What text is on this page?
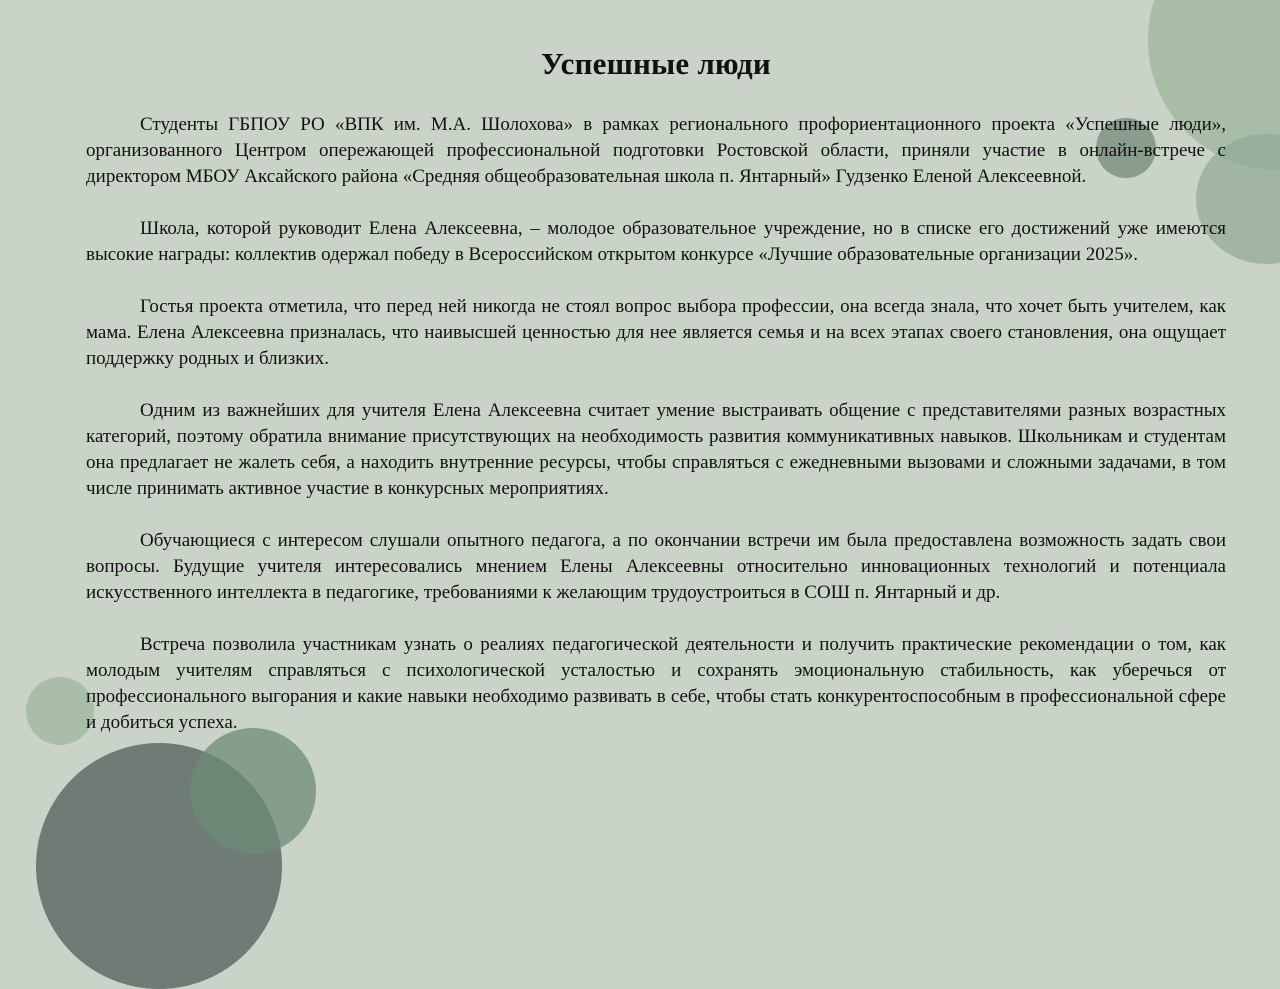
Успешные люди

Студенты ГБПОУ РО «ВПК им. М.А. Шолохова» в рамках регионального профориентационного проекта «Успешные люди», организованного Центром опережающей профессиональной подготовки Ростовской области, приняли участие в онлайн-встрече с директором МБОУ Аксайского района «Средняя общеобразовательная школа п. Янтарный» Гудзенко Еленой Алексеевной.

Школа, которой руководит Елена Алексеевна, – молодое образовательное учреждение, но в списке его достижений уже имеются высокие награды: коллектив одержал победу в Всероссийском открытом конкурсе «Лучшие образовательные организации 2025».

Гостья проекта отметила, что перед ней никогда не стоял вопрос выбора профессии, она всегда знала, что хочет быть учителем, как мама. Елена Алексеевна призналась, что наивысшей ценностью для нее является семья и на всех этапах своего становления, она ощущает поддержку родных и близких.

Одним из важнейших для учителя Елена Алексеевна считает умение выстраивать общение с представителями разных возрастных категорий, поэтому обратила внимание присутствующих на необходимость развития коммуникативных навыков. Школьникам и студентам она предлагает не жалеть себя, а находить внутренние ресурсы, чтобы справляться с ежедневными вызовами и сложными задачами, в том числе принимать активное участие в конкурсных мероприятиях.

Обучающиеся с интересом слушали опытного педагога, а по окончании встречи им была предоставлена возможность задать свои вопросы. Будущие учителя интересовались мнением Елены Алексеевны относительно инновационных технологий и потенциала искусственного интеллекта в педагогике, требованиями к желающим трудоустроиться в СОШ п. Янтарный и др.

Встреча позволила участникам узнать о реалиях педагогической деятельности и получить практические рекомендации о том, как молодым учителям справляться с психологической усталостью и сохранять эмоциональную стабильность, как уберечься от профессионального выгорания и какие навыки необходимо развивать в себе, чтобы стать конкурентоспособным в профессиональной сфере и добиться успеха.
